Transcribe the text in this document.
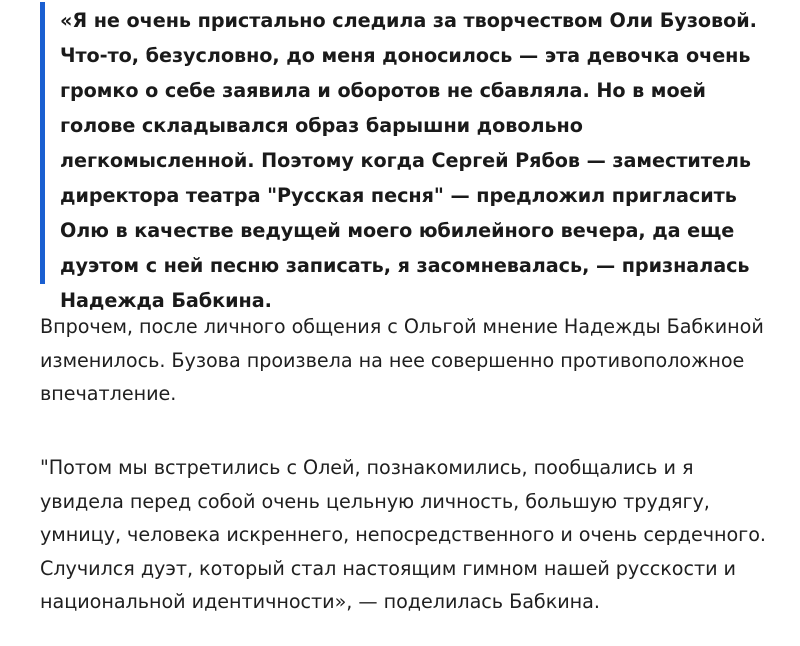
«Я не очень пристально следила за творчеством Оли Бузовой. Что-то, безусловно, до меня доносилось — эта девочка очень громко о себе заявила и оборотов не сбавляла. Но в моей голове складывался образ барышни довольно легкомысленной. Поэтому когда Сергей Рябов — заместитель директора театра "Русская песня" — предложил пригласить Олю в качестве ведущей моего юбилейного вечера, да еще дуэтом с ней песню записать, я засомневалась, — призналась Надежда Бабкина.

Впрочем, после личного общения с Ольгой мнение Надежды Бабкиной изменилось. Бузова произвела на нее совершенно противоположное впечатление.

"Потом мы встретились с Олей, познакомились, пообщались и я увидела перед собой очень цельную личность, большую трудягу, умницу, человека искреннего, непосредственного и очень сердечного. Случился дуэт, который стал настоящим гимном нашей русскости и национальной идентичности», — поделилась Бабкина.
